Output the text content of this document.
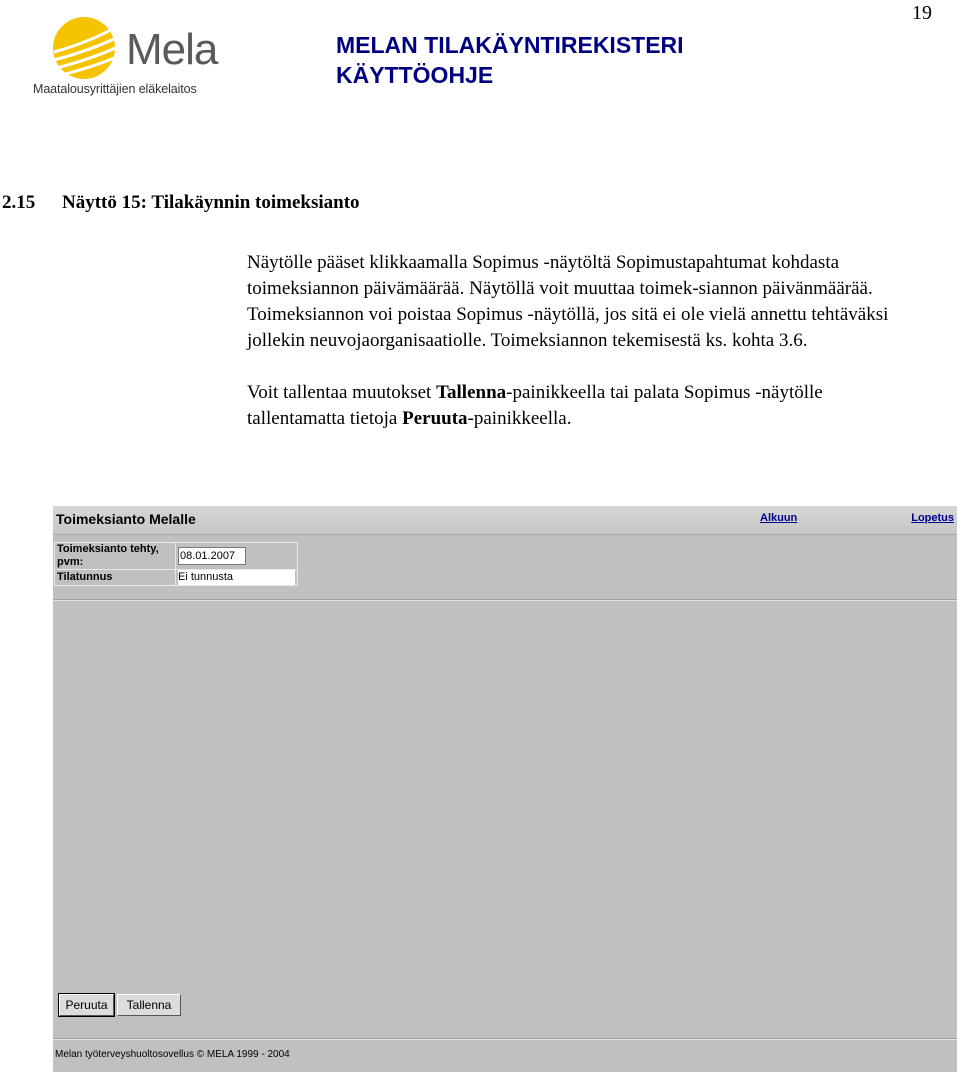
19
Mela
Maatalousyrittäjien eläkelaitos
MELAN TILAKÄYNTIREKISTERI
KÄYTTÖOHJE
2.15 Näyttö 15: Tilakäynnin toimeksianto

Näytölle pääset klikkaamalla Sopimus -näytöltä Sopimustapahtumat kohdasta toimeksiannon päivämäärää. Näytöllä voit muuttaa toimek-siannon päivänmäärää. Toimeksiannon voi poistaa Sopimus -näytöllä, jos sitä ei ole vielä annettu tehtäväksi jollekin neuvojaorganisaatiolle. Toimeksiannon tekemisestä ks. kohta 3.6.

Voit tallentaa muutokset Tallenna-painikkeella tai palata Sopimus -näytölle tallentamatta tietoja Peruuta-painikkeella.

Toimeksianto Melalle	Alkuun	Lopetus
Toimeksianto tehty, pvm:	08.01.2007
Tilatunnus	Ei tunnusta
Peruuta	Tallenna
Melan työterveyshuoltosovellus © MELA 1999 - 2004
